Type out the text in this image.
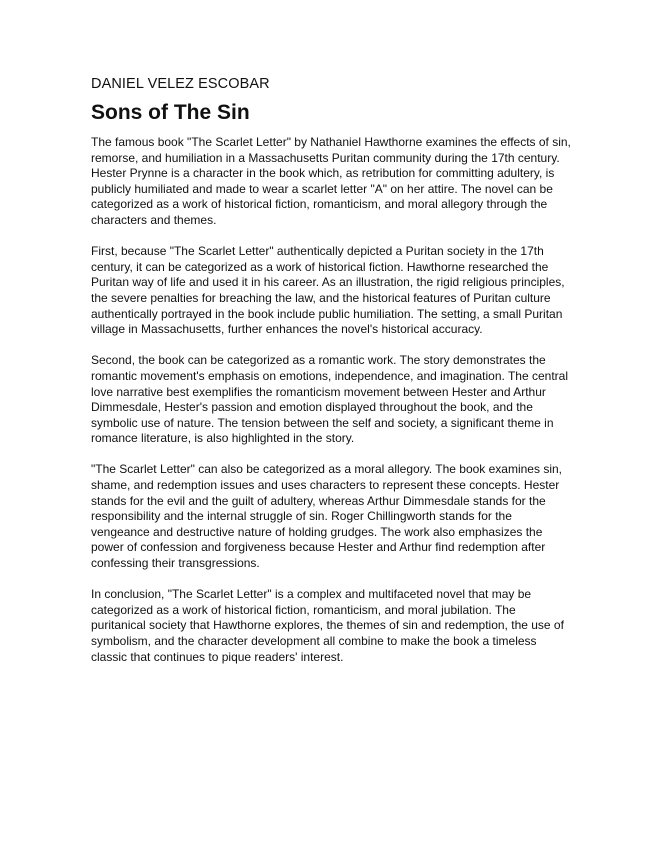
DANIEL VELEZ ESCOBAR
Sons of The Sin

The famous book "The Scarlet Letter" by Nathaniel Hawthorne examines the effects of sin, remorse, and humiliation in a Massachusetts Puritan community during the 17th century. Hester Prynne is a character in the book which, as retribution for committing adultery, is publicly humiliated and made to wear a scarlet letter "A" on her attire. The novel can be categorized as a work of historical fiction, romanticism, and moral allegory through the characters and themes.

First, because "The Scarlet Letter" authentically depicted a Puritan society in the 17th century, it can be categorized as a work of historical fiction. Hawthorne researched the Puritan way of life and used it in his career. As an illustration, the rigid religious principles, the severe penalties for breaching the law, and the historical features of Puritan culture authentically portrayed in the book include public humiliation. The setting, a small Puritan village in Massachusetts, further enhances the novel's historical accuracy.

Second, the book can be categorized as a romantic work. The story demonstrates the romantic movement's emphasis on emotions, independence, and imagination. The central love narrative best exemplifies the romanticism movement between Hester and Arthur Dimmesdale, Hester's passion and emotion displayed throughout the book, and the symbolic use of nature. The tension between the self and society, a significant theme in romance literature, is also highlighted in the story.

"The Scarlet Letter" can also be categorized as a moral allegory. The book examines sin, shame, and redemption issues and uses characters to represent these concepts. Hester stands for the evil and the guilt of adultery, whereas Arthur Dimmesdale stands for the responsibility and the internal struggle of sin. Roger Chillingworth stands for the vengeance and destructive nature of holding grudges. The work also emphasizes the power of confession and forgiveness because Hester and Arthur find redemption after confessing their transgressions.

In conclusion, "The Scarlet Letter" is a complex and multifaceted novel that may be categorized as a work of historical fiction, romanticism, and moral jubilation. The puritanical society that Hawthorne explores, the themes of sin and redemption, the use of symbolism, and the character development all combine to make the book a timeless classic that continues to pique readers' interest.
